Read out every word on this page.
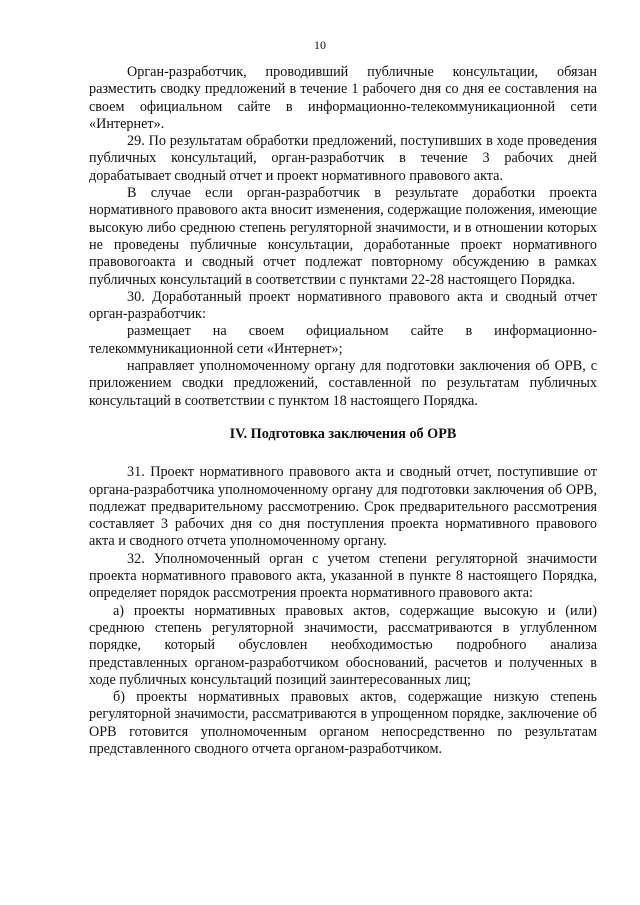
10

Орган-разработчик, проводивший публичные консультации, обязан разместить сводку предложений в течение 1 рабочего дня со дня ее составления на своем официальном сайте в информационно-телекоммуникационной сети «Интернет».

29. По результатам обработки предложений, поступивших в ходе проведения публичных консультаций, орган-разработчик в течение 3 рабочих дней дорабатывает сводный отчет и проект нормативного правового акта.

В случае если орган-разработчик в результате доработки проекта нормативного правового акта вносит изменения, содержащие положения, имеющие высокую либо среднюю степень регуляторной значимости, и в отношении которых не проведены публичные консультации, доработанные проект нормативного правовогоакта и сводный отчет подлежат повторному обсуждению в рамках публичных консультаций в соответствии с пунктами 22-28 настоящего Порядка.

30. Доработанный проект нормативного правового акта и сводный отчет орган-разработчик:

размещает на своем официальном сайте в информационно-телекоммуникационной сети «Интернет»;

направляет уполномоченному органу для подготовки заключения об ОРВ, с приложением сводки предложений, составленной по результатам публичных консультаций в соответствии с пунктом 18 настоящего Порядка.

IV. Подготовка заключения об ОРВ

31. Проект нормативного правового акта и сводный отчет, поступившие от органа-разработчика уполномоченному органу для подготовки заключения об ОРВ, подлежат предварительному рассмотрению. Срок предварительного рассмотрения составляет 3 рабочих дня со дня поступления проекта нормативного правового акта и сводного отчета уполномоченному органу.

32. Уполномоченный орган с учетом степени регуляторной значимости проекта нормативного правового акта, указанной в пункте 8 настоящего Порядка, определяет порядок рассмотрения проекта нормативного правового акта:

а) проекты нормативных правовых актов, содержащие высокую и (или) среднюю степень регуляторной значимости, рассматриваются в углубленном порядке, который обусловлен необходимостью подробного анализа представленных органом-разработчиком обоснований, расчетов и полученных в ходе публичных консультаций позиций заинтересованных лиц;

б) проекты нормативных правовых актов, содержащие низкую степень регуляторной значимости, рассматриваются в упрощенном порядке, заключение об ОРВ готовится уполномоченным органом непосредственно по результатам представленного сводного отчета органом-разработчиком.
